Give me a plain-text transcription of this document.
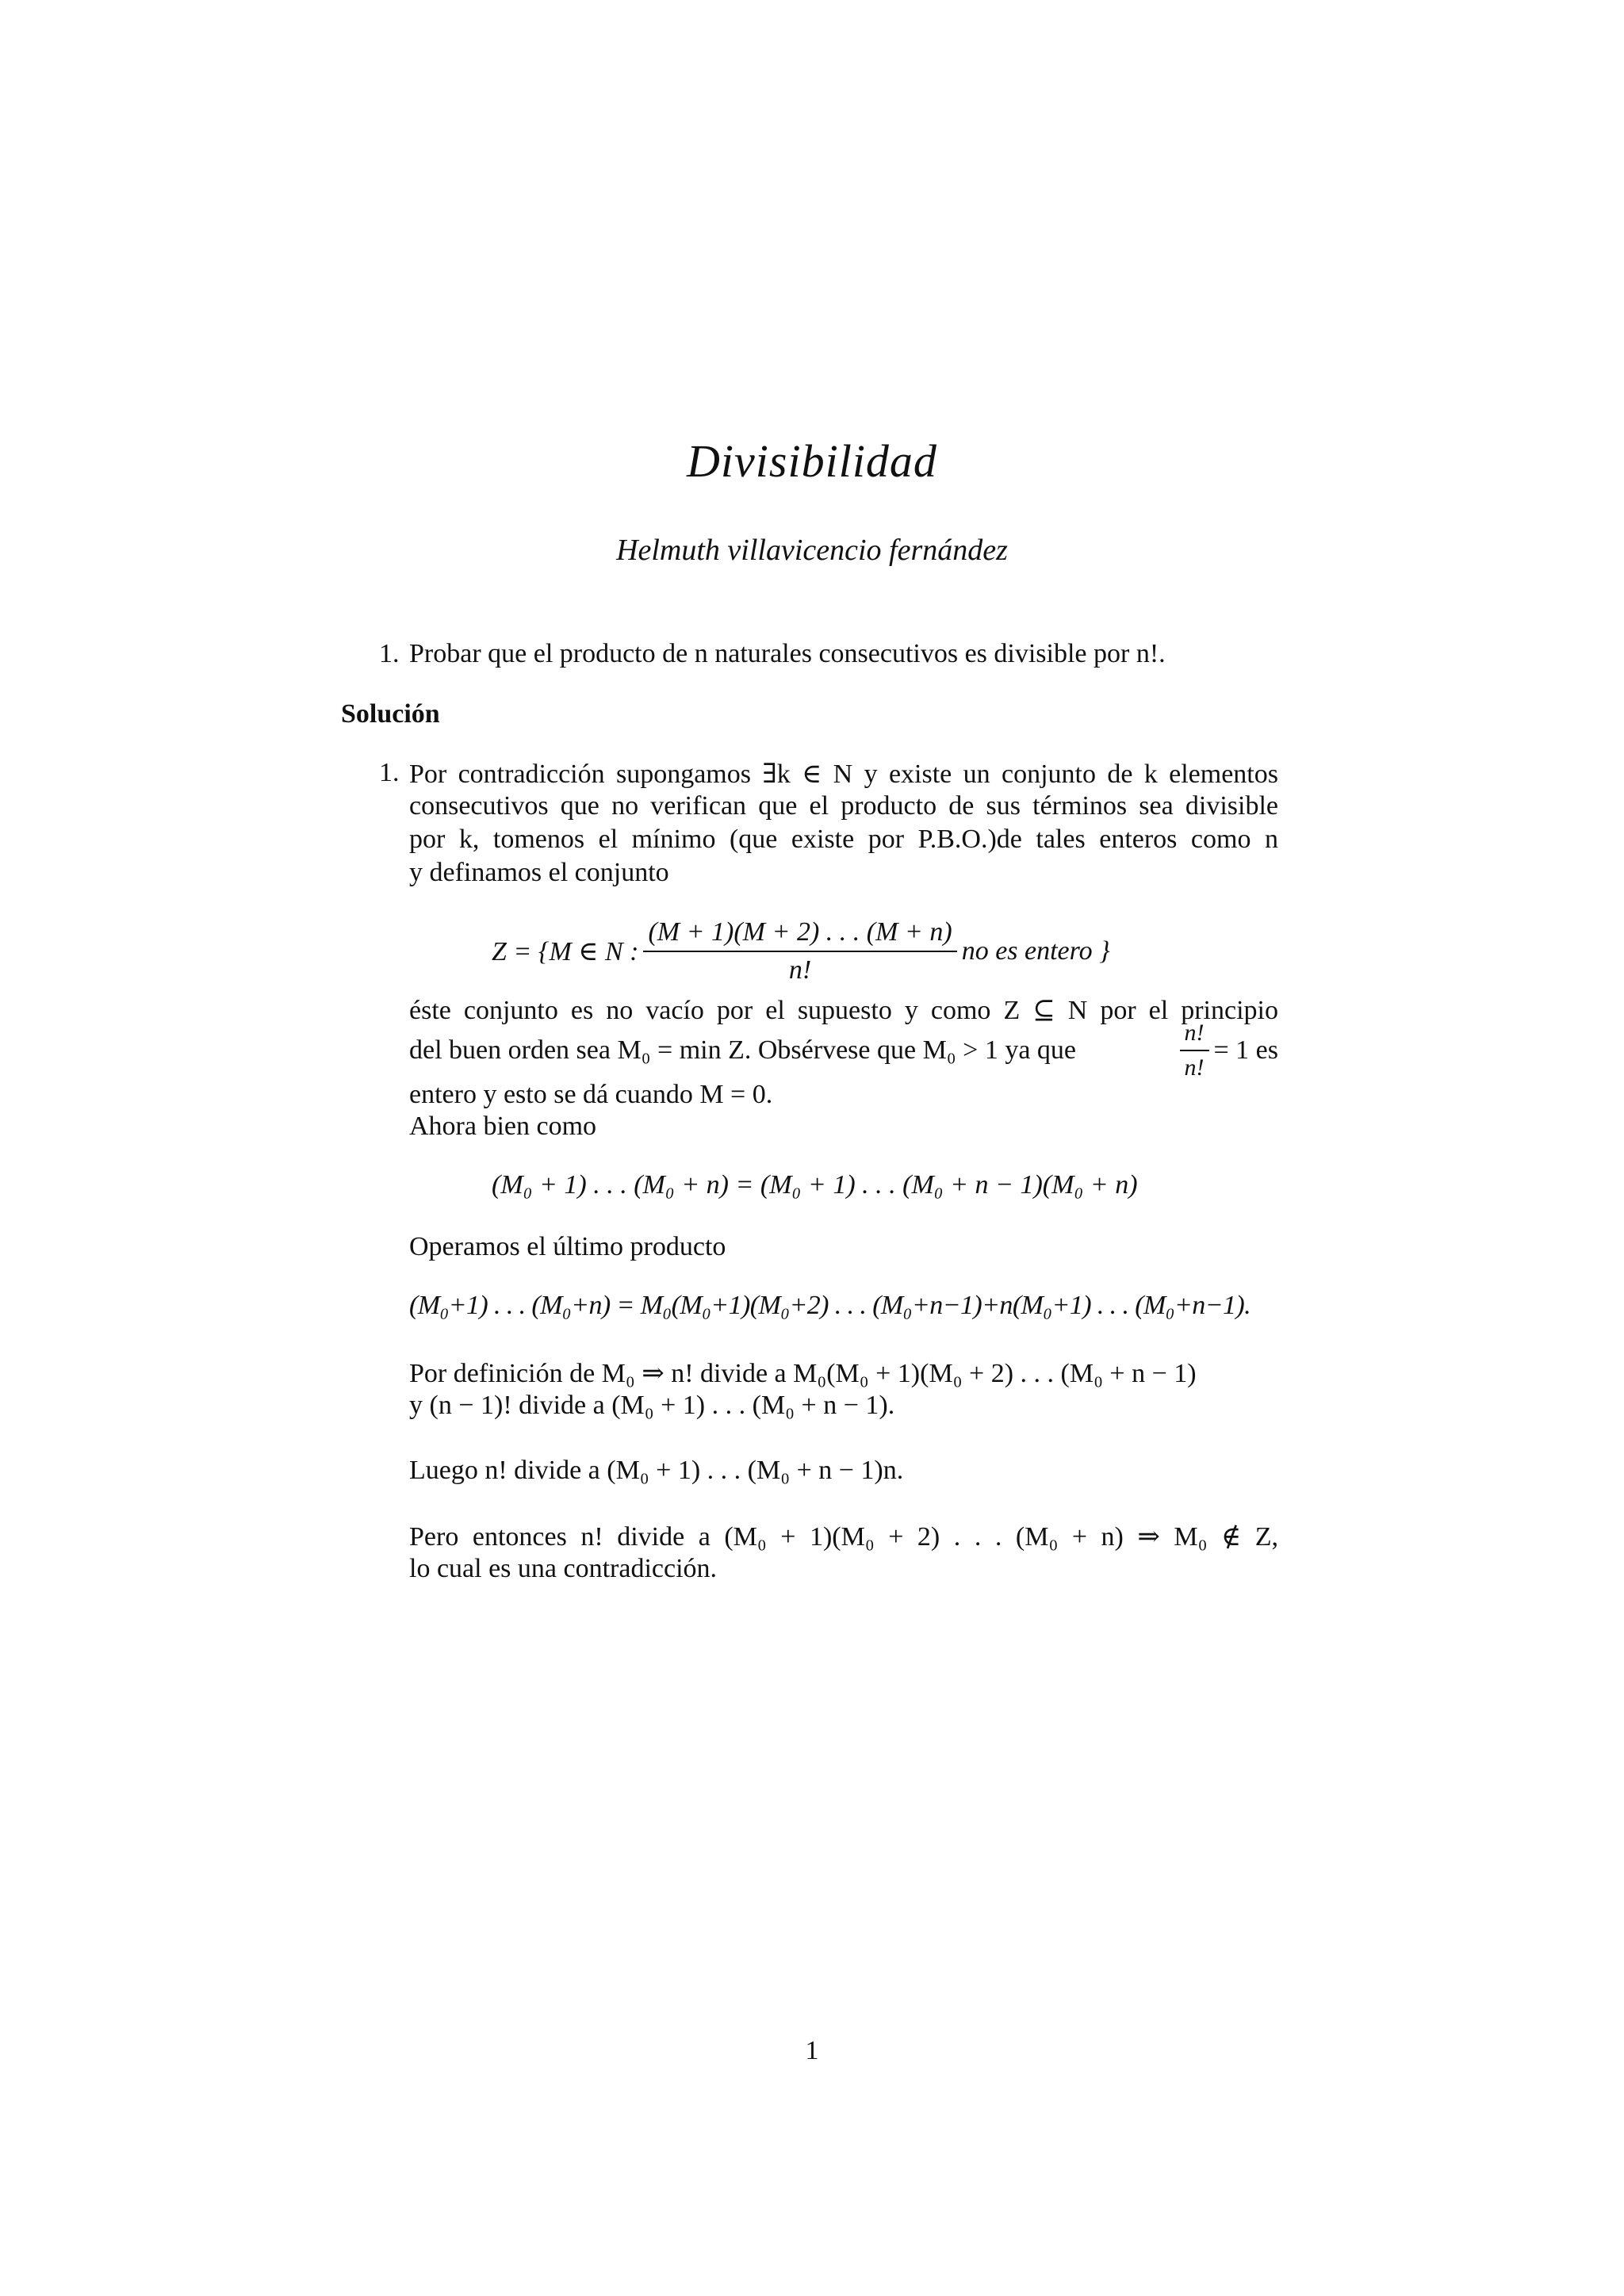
Divisibilidad
Helmuth villavicencio fernández
1. Probar que el producto de n naturales consecutivos es divisible por n!.
Solución
1. Por contradicción supongamos ∃k ∈ N y existe un conjunto de k elementos
consecutivos que no verifican que el producto de sus términos sea divisible
por k, tomenos el mínimo (que existe por P.B.O.)de tales enteros como n
y definamos el conjunto
Z = {M ∈ N : $\frac{(M + 1)(M + 2) . . . (M + n)}{n!}$ no es entero }
éste conjunto es no vacío por el supuesto y como Z ⊆ N por el principio
del buen orden sea M₀ = min Z. Obsérvese que M₀ > 1 ya que	$\frac{n!}{n!} = 1$ es
entero y esto se dá cuando M = 0.
Ahora bien como
(M₀ + 1) . . . (M₀ + n) = (M₀ + 1) . . . (M₀ + n − 1)(M₀ + n)
Operamos el último producto
(M₀+1) . . . (M₀+n) = M₀(M₀+1)(M₀+2) . . . (M₀+n−1)+n(M₀+1) . . . (M₀+n−1).
Por definición de M₀ ⇒ n! divide a M₀(M₀ + 1)(M₀ + 2) . . . (M₀ + n − 1)
y (n − 1)! divide a (M₀ + 1) . . . (M₀ + n − 1).
Luego n! divide a (M₀ + 1) . . . (M₀ + n − 1)n.
Pero entonces n! divide a (M₀ + 1)(M₀ + 2) . . . (M₀ + n) ⇒ M₀ ∉ Z,
lo cual es una contradicción.
1
